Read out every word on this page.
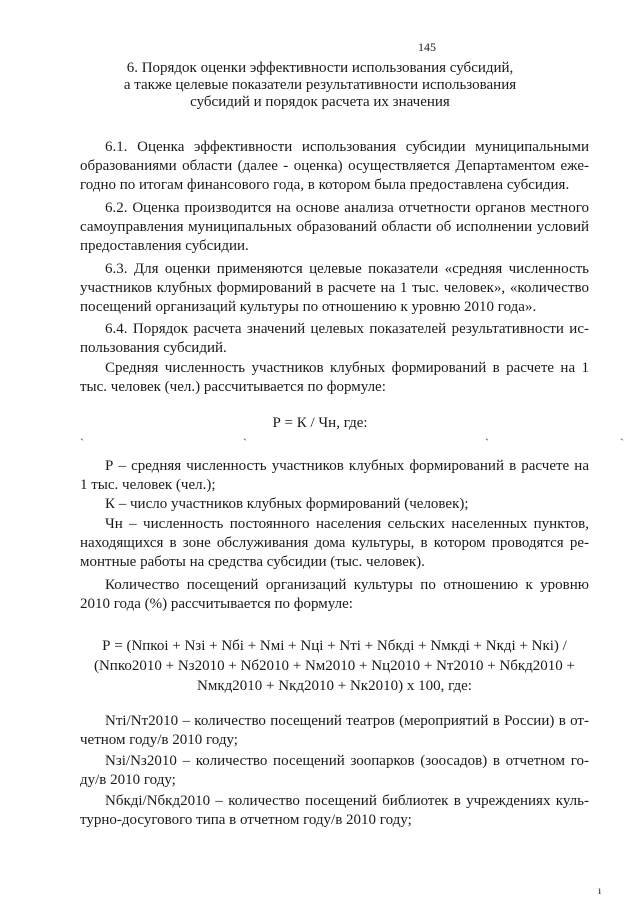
145
6. Порядок оценки эффективности использования субсидий,
а также целевые показатели результативности использования
субсидий и порядок расчета их значения
6.1. Оценка эффективности использования субсидии муниципальными
образованиями области (далее - оценка) осуществляется Департаментом еже-
годно по итогам финансового года, в котором была предоставлена субсидия.
6.2. Оценка производится на основе анализа отчетности органов местного
самоуправления муниципальных образований области об исполнении условий
предоставления субсидии.
6.3. Для оценки применяются целевые показатели «средняя численность
участников клубных формирований в расчете на 1 тыс. человек», «количество
посещений организаций культуры по отношению к уровню 2010 года».
6.4. Порядок расчета значений целевых показателей результативности ис-
пользования субсидий.
Средняя численность участников клубных формирований в расчете на 1
тыс. человек (чел.) рассчитывается по формуле:
Р = К / Чн, где:
ˏ	ˏ	ˏ	ˏ
Р – средняя численность участников клубных формирований в расчете на
1 тыс. человек (чел.);
К – число участников клубных формирований (человек);
Чн – численность постоянного населения сельских населенных пунктов,
находящихся в зоне обслуживания дома культуры, в котором проводятся ре-
монтные работы на средства субсидии (тыс. человек).
Количество посещений организаций культуры по отношению к уровню
2010 года (%) рассчитывается по формуле:
Р = (Nпкоі + Nзі + Nбі + Nмі + Nці + Nті + Nбкді + Nмкді + Nкді + Nкі) /
(Nпко2010 + Nз2010 + Nб2010 + Nм2010 + Nц2010 + Nт2010 + Nбкд2010 +
Nмкд2010 + Nкд2010 + Nк2010) х 100, где:
Nті/Nт2010 – количество посещений театров (мероприятий в России) в от-
четном году/в 2010 году;
Nзі/Nз2010 – количество посещений зоопарков (зоосадов) в отчетном го-
ду/в 2010 году;
Nбкді/Nбкд2010 – количество посещений библиотек в учреждениях куль-
турно-досугового типа в отчетном году/в 2010 году;
ı
